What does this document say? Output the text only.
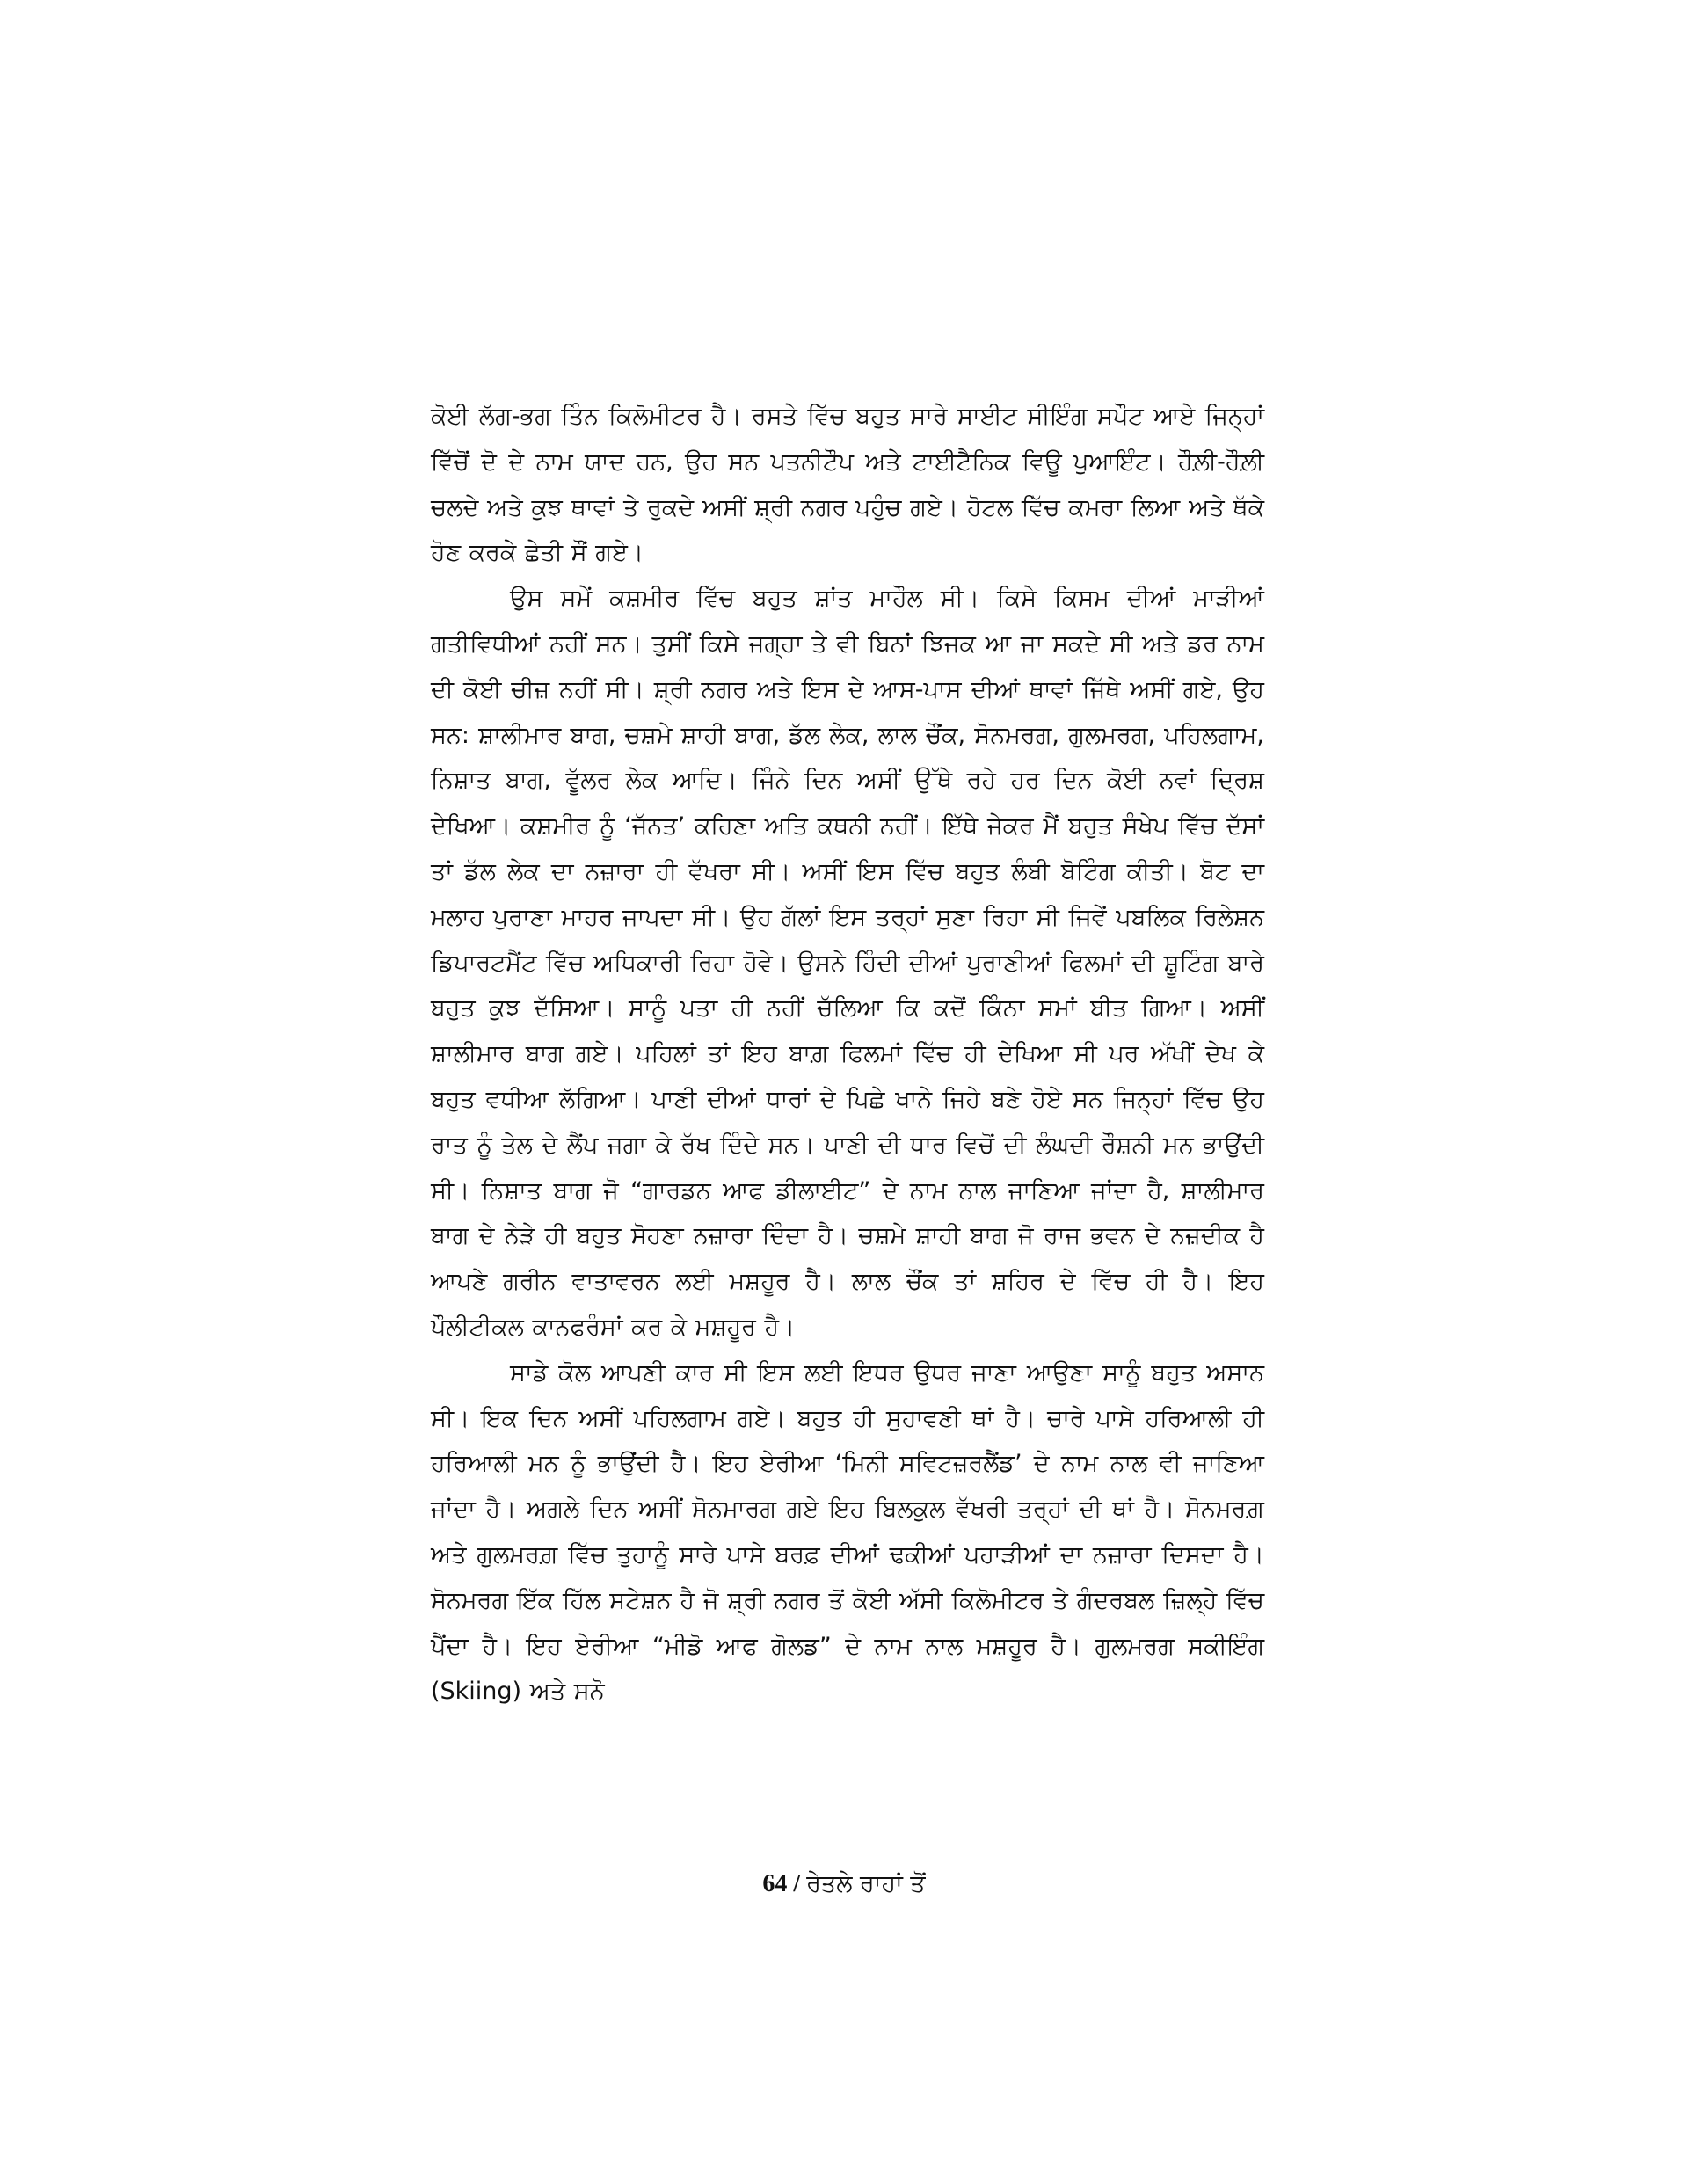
ਕੋਈ ਲੱਗ-ਭਗ ਤਿੰਨ ਕਿਲੋਮੀਟਰ ਹੈ। ਰਸਤੇ ਵਿੱਚ ਬਹੁਤ ਸਾਰੇ ਸਾਈਟ ਸੀਇੰਗ ਸਪੌਟ ਆਏ ਜਿਨ੍ਹਾਂ ਵਿੱਚੋਂ ਦੋ ਦੇ ਨਾਮ ਯਾਦ ਹਨ, ਉਹ ਸਨ ਪਤਨੀਟੌਪ ਅਤੇ ਟਾਈਟੈਨਿਕ ਵਿਊ ਪੁਆਇੰਟ। ਹੌਲ਼ੀ-ਹੌਲ਼ੀ ਚਲਦੇ ਅਤੇ ਕੁਝ ਥਾਵਾਂ ਤੇ ਰੁਕਦੇ ਅਸੀਂ ਸ਼੍ਰੀ ਨਗਰ ਪਹੁੰਚ ਗਏ। ਹੋਟਲ ਵਿੱਚ ਕਮਰਾ ਲਿਆ ਅਤੇ ਥੱਕੇ ਹੋਣ ਕਰਕੇ ਛੇਤੀ ਸੌਂ ਗਏ।

ਉਸ ਸਮੇਂ ਕਸ਼ਮੀਰ ਵਿੱਚ ਬਹੁਤ ਸ਼ਾਂਤ ਮਾਹੌਲ ਸੀ। ਕਿਸੇ ਕਿਸਮ ਦੀਆਂ ਮਾੜੀਆਂ ਗਤੀਵਿਧੀਆਂ ਨਹੀਂ ਸਨ। ਤੁਸੀਂ ਕਿਸੇ ਜਗ੍ਹਾ ਤੇ ਵੀ ਬਿਨਾਂ ਝਿਜਕ ਆ ਜਾ ਸਕਦੇ ਸੀ ਅਤੇ ਡਰ ਨਾਮ ਦੀ ਕੋਈ ਚੀਜ਼ ਨਹੀਂ ਸੀ। ਸ਼੍ਰੀ ਨਗਰ ਅਤੇ ਇਸ ਦੇ ਆਸ-ਪਾਸ ਦੀਆਂ ਥਾਵਾਂ ਜਿੱਥੇ ਅਸੀਂ ਗਏ, ਉਹ ਸਨ: ਸ਼ਾਲੀਮਾਰ ਬਾਗ, ਚਸ਼ਮੇ ਸ਼ਾਹੀ ਬਾਗ, ਡੱਲ ਲੇਕ, ਲਾਲ ਚੌਂਕ, ਸੋਨਮਰਗ, ਗੁਲਮਰਗ, ਪਹਿਲਗਾਮ, ਨਿਸ਼ਾਤ ਬਾਗ, ਵੂੱਲਰ ਲੇਕ ਆਦਿ। ਜਿੰਨੇ ਦਿਨ ਅਸੀਂ ਉੱਥੇ ਰਹੇ ਹਰ ਦਿਨ ਕੋਈ ਨਵਾਂ ਦ੍ਰਿਸ਼ ਦੇਖਿਆ। ਕਸ਼ਮੀਰ ਨੂੰ ‘ਜੱਨਤ’ ਕਹਿਣਾ ਅਤਿ ਕਥਨੀ ਨਹੀਂ। ਇੱਥੇ ਜੇਕਰ ਮੈਂ ਬਹੁਤ ਸੰਖੇਪ ਵਿੱਚ ਦੱਸਾਂ ਤਾਂ ਡੱਲ ਲੇਕ ਦਾ ਨਜ਼ਾਰਾ ਹੀ ਵੱਖਰਾ ਸੀ। ਅਸੀਂ ਇਸ ਵਿੱਚ ਬਹੁਤ ਲੰਬੀ ਬੋਟਿੰਗ ਕੀਤੀ। ਬੋਟ ਦਾ ਮਲਾਹ ਪੁਰਾਣਾ ਮਾਹਰ ਜਾਪਦਾ ਸੀ। ਉਹ ਗੱਲਾਂ ਇਸ ਤਰ੍ਹਾਂ ਸੁਣਾ ਰਿਹਾ ਸੀ ਜਿਵੇਂ ਪਬਲਿਕ ਰਿਲੇਸ਼ਨ ਡਿਪਾਰਟਮੈਂਟ ਵਿੱਚ ਅਧਿਕਾਰੀ ਰਿਹਾ ਹੋਵੇ। ਉਸਨੇ ਹਿੰਦੀ ਦੀਆਂ ਪੁਰਾਣੀਆਂ ਫਿਲਮਾਂ ਦੀ ਸ਼ੂਟਿੰਗ ਬਾਰੇ ਬਹੁਤ ਕੁਝ ਦੱਸਿਆ। ਸਾਨੂੰ ਪਤਾ ਹੀ ਨਹੀਂ ਚੱਲਿਆ ਕਿ ਕਦੋਂ ਕਿੰਨਾ ਸਮਾਂ ਬੀਤ ਗਿਆ। ਅਸੀਂ ਸ਼ਾਲੀਮਾਰ ਬਾਗ ਗਏ। ਪਹਿਲਾਂ ਤਾਂ ਇਹ ਬਾਗ਼ ਫਿਲਮਾਂ ਵਿੱਚ ਹੀ ਦੇਖਿਆ ਸੀ ਪਰ ਅੱਖੀਂ ਦੇਖ ਕੇ ਬਹੁਤ ਵਧੀਆ ਲੱਗਿਆ। ਪਾਣੀ ਦੀਆਂ ਧਾਰਾਂ ਦੇ ਪਿਛੇ ਖਾਨੇ ਜਿਹੇ ਬਣੇ ਹੋਏ ਸਨ ਜਿਨ੍ਹਾਂ ਵਿੱਚ ਉਹ ਰਾਤ ਨੂੰ ਤੇਲ ਦੇ ਲੈਂਪ ਜਗਾ ਕੇ ਰੱਖ ਦਿੰਦੇ ਸਨ। ਪਾਣੀ ਦੀ ਧਾਰ ਵਿਚੋਂ ਦੀ ਲੰਘਦੀ ਰੌਸ਼ਨੀ ਮਨ ਭਾਉਂਦੀ ਸੀ। ਨਿਸ਼ਾਤ ਬਾਗ ਜੋ “ਗਾਰਡਨ ਆਫ ਡੀਲਾਈਟ” ਦੇ ਨਾਮ ਨਾਲ ਜਾਣਿਆ ਜਾਂਦਾ ਹੈ, ਸ਼ਾਲੀਮਾਰ ਬਾਗ ਦੇ ਨੇੜੇ ਹੀ ਬਹੁਤ ਸੋਹਣਾ ਨਜ਼ਾਰਾ ਦਿੰਦਾ ਹੈ। ਚਸ਼ਮੇ ਸ਼ਾਹੀ ਬਾਗ ਜੋ ਰਾਜ ਭਵਨ ਦੇ ਨਜ਼ਦੀਕ ਹੈ ਆਪਣੇ ਗਰੀਨ ਵਾਤਾਵਰਨ ਲਈ ਮਸ਼ਹੂਰ ਹੈ। ਲਾਲ ਚੌਂਕ ਤਾਂ ਸ਼ਹਿਰ ਦੇ ਵਿੱਚ ਹੀ ਹੈ। ਇਹ ਪੌਲੀਟੀਕਲ ਕਾਨਫਰੰਸਾਂ ਕਰ ਕੇ ਮਸ਼ਹੂਰ ਹੈ।

ਸਾਡੇ ਕੋਲ ਆਪਣੀ ਕਾਰ ਸੀ ਇਸ ਲਈ ਇਧਰ ਉਧਰ ਜਾਣਾ ਆਉਣਾ ਸਾਨੂੰ ਬਹੁਤ ਅਸਾਨ ਸੀ। ਇਕ ਦਿਨ ਅਸੀਂ ਪਹਿਲਗਾਮ ਗਏ। ਬਹੁਤ ਹੀ ਸੁਹਾਵਣੀ ਥਾਂ ਹੈ। ਚਾਰੇ ਪਾਸੇ ਹਰਿਆਲੀ ਹੀ ਹਰਿਆਲੀ ਮਨ ਨੂੰ ਭਾਉਂਦੀ ਹੈ। ਇਹ ਏਰੀਆ ‘ਮਿਨੀ ਸਵਿਟਜ਼ਰਲੈਂਡ’ ਦੇ ਨਾਮ ਨਾਲ ਵੀ ਜਾਣਿਆ ਜਾਂਦਾ ਹੈ। ਅਗਲੇ ਦਿਨ ਅਸੀਂ ਸੋਨਮਾਰਗ ਗਏ ਇਹ ਬਿਲਕੁਲ ਵੱਖਰੀ ਤਰ੍ਹਾਂ ਦੀ ਥਾਂ ਹੈ। ਸੋਨਮਰਗ਼ ਅਤੇ ਗੁਲਮਰਗ਼ ਵਿੱਚ ਤੁਹਾਨੂੰ ਸਾਰੇ ਪਾਸੇ ਬਰਫ਼ ਦੀਆਂ ਢਕੀਆਂ ਪਹਾੜੀਆਂ ਦਾ ਨਜ਼ਾਰਾ ਦਿਸਦਾ ਹੈ। ਸੋਨਮਰਗ ਇੱਕ ਹਿੱਲ ਸਟੇਸ਼ਨ ਹੈ ਜੋ ਸ਼੍ਰੀ ਨਗਰ ਤੋਂ ਕੋਈ ਅੱਸੀ ਕਿਲੋਮੀਟਰ ਤੇ ਗੰਦਰਬਲ ਜ਼ਿਲ੍ਹੇ ਵਿੱਚ ਪੈਂਦਾ ਹੈ। ਇਹ ਏਰੀਆ “ਮੀਡੋ ਆਫ ਗੋਲਡ” ਦੇ ਨਾਮ ਨਾਲ ਮਸ਼ਹੂਰ ਹੈ। ਗੁਲਮਰਗ ਸਕੀਇੰਗ (Skiing) ਅਤੇ ਸਨੋ

64 / ਰੇਤਲੇ ਰਾਹਾਂ ਤੋਂ
